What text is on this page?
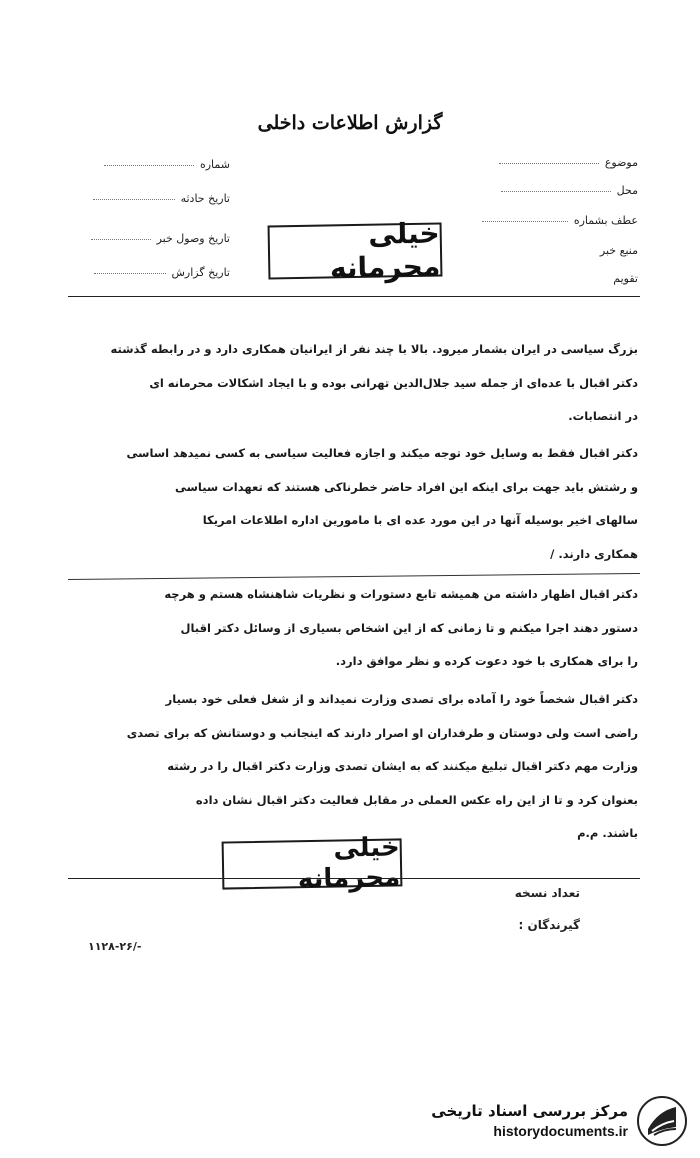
گزارش اطلاعات داخلی
موضوع
محل
عطف بشماره
منبع خبر
تقویم
شماره
تاریخ حادثه
تاریخ وصول خبر
تاریخ گزارش
خیلی محرمانه

بزرگ سیاسی در ایران بشمار میرود. بالا با چند نفر از ایرانیان همکاری دارد و در رابطه گذشته

دکتر اقبال با عده‌ای از جمله سید جلال‌الدین تهرانی بوده و با ایجاد اشکالات محرمانه ای

در انتصابات.

دکتر اقبال فقط به وسایل خود توجه میکند و اجازه فعالیت سیاسی به کسی نمیدهد اساسی

و رشتش باید جهت برای اینکه این افراد حاضر خطرناکی هستند که تعهدات سیاسی

سالهای اخیر بوسیله آنها در این مورد عده ای با مامورین اداره اطلاعات امریکا

همکاری دارند. ‌/‌

دکتر اقبال اظهار داشته من همیشه تابع دستورات و نظریات شاهنشاه هستم و هرچه

دستور دهند اجرا میکنم و تا زمانی که از این اشخاص بسیاری از وسائل دکتر اقبال

را برای همکاری با خود دعوت کرده و نظر موافق دارد.

دکتر اقبال شخصاً خود را آماده برای تصدی وزارت نمیداند و از شغل فعلی خود بسیار

راضی است ولی دوستان و طرفداران او اصرار دارند که اینجانب و دوستانش که برای تصدی

وزارت مهم دکتر اقبال تبلیغ میکنند که به ایشان تصدی وزارت دکتر اقبال را در رشته

بعنوان کرد و تا از این راه عکس العملی در مقابل فعالیت دکتر اقبال نشان داده

باشند. م.م

خیلی محرمانه	تعداد نسخه
گیرندگان :
۱۱۲۸-۲۶/-
مرکز بررسی اسناد تاریخی
historydocuments.ir
